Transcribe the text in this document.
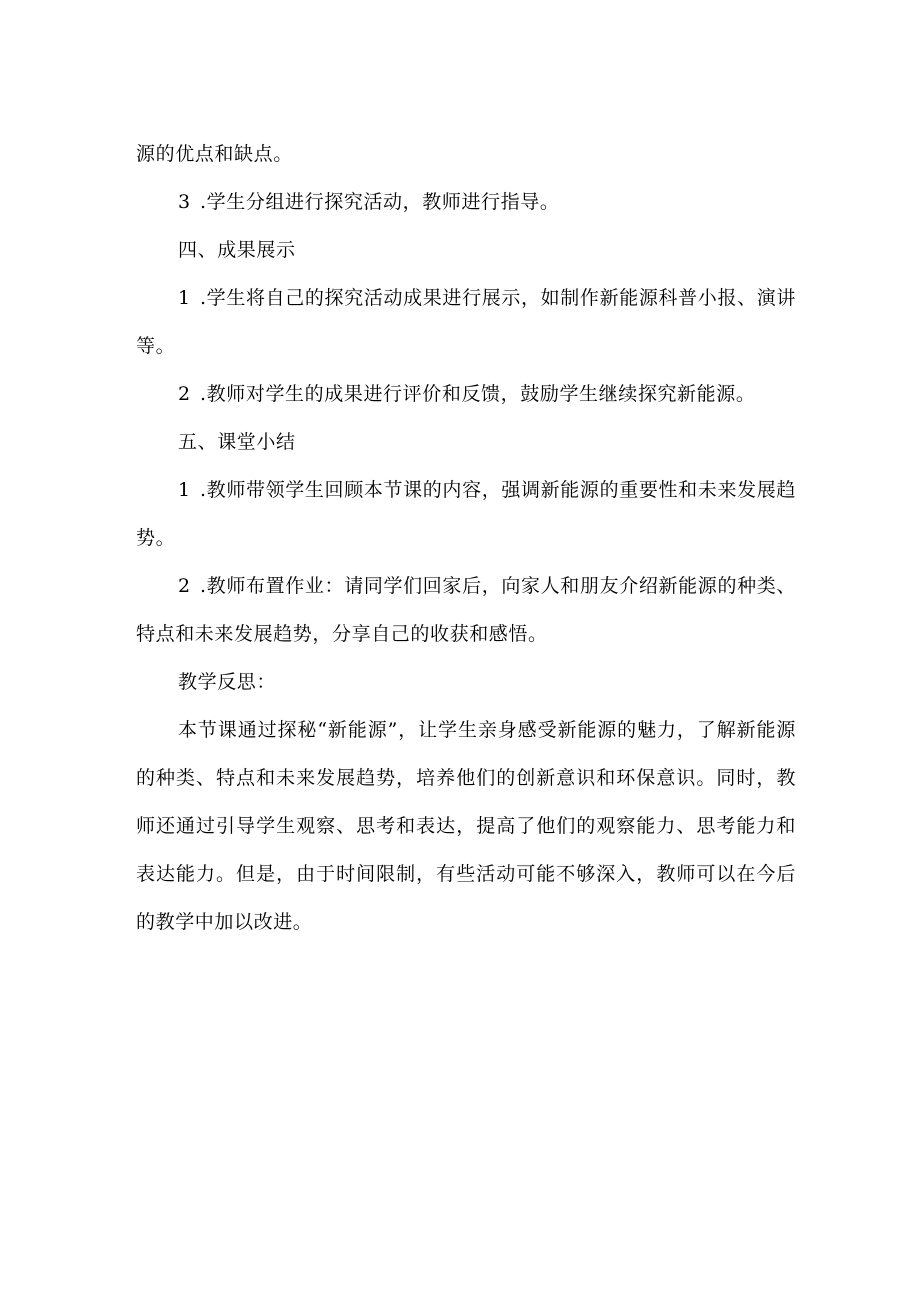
源的优点和缺点。

3 .学生分组进行探究活动，教师进行指导。

四、成果展示

1 .学生将自己的探究活动成果进行展示，如制作新能源科普小报、演讲等。

2 .教师对学生的成果进行评价和反馈，鼓励学生继续探究新能源。

五、课堂小结

1 .教师带领学生回顾本节课的内容，强调新能源的重要性和未来发展趋势。

2 .教师布置作业：请同学们回家后，向家人和朋友介绍新能源的种类、特点和未来发展趋势，分享自己的收获和感悟。

教学反思：

本节课通过探秘“新能源”，让学生亲身感受新能源的魅力，了解新能源的种类、特点和未来发展趋势，培养他们的创新意识和环保意识。同时，教师还通过引导学生观察、思考和表达，提高了他们的观察能力、思考能力和表达能力。但是，由于时间限制，有些活动可能不够深入，教师可以在今后的教学中加以改进。
